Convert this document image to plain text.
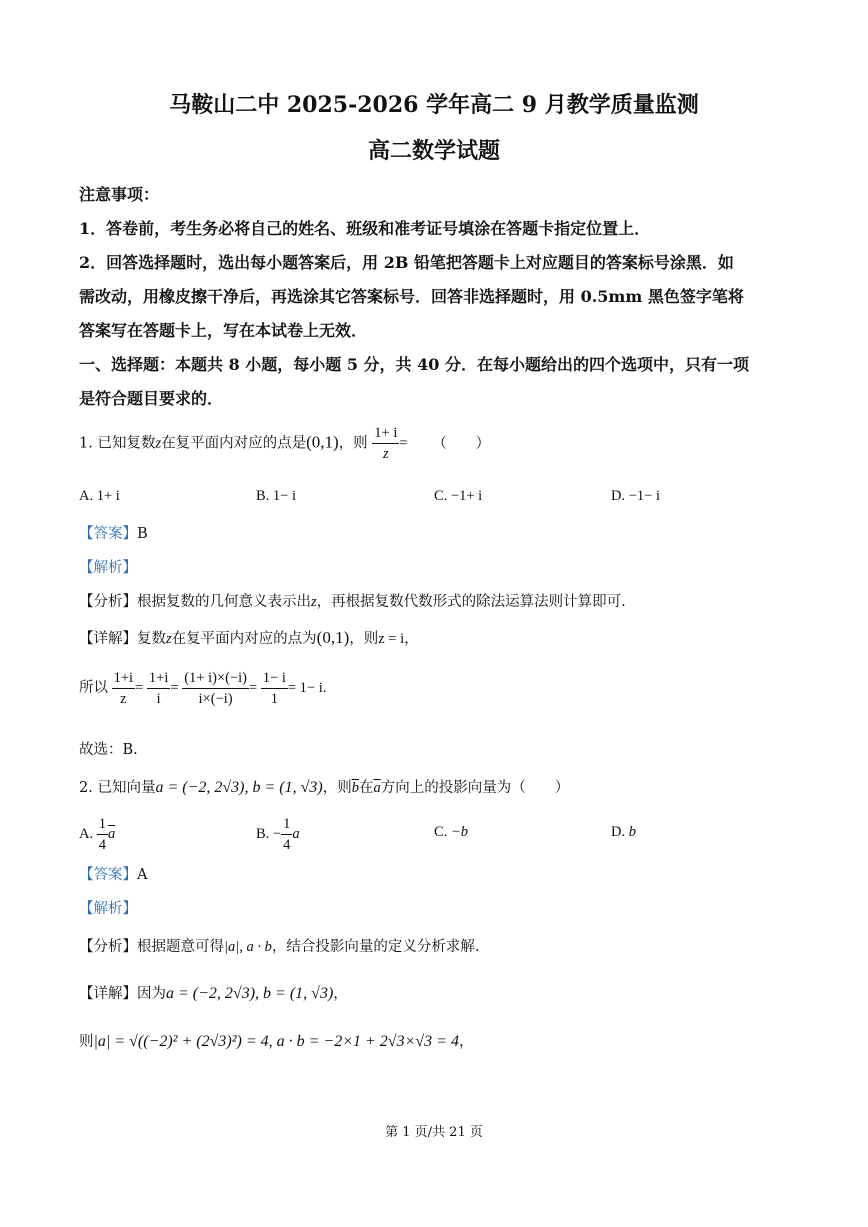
马鞍山二中 2025-2026 学年高二 9 月教学质量监测
高二数学试题
注意事项：
1．答卷前，考生务必将自己的姓名、班级和准考证号填涂在答题卡指定位置上．
2．回答选择题时，选出每小题答案后，用 2B 铅笔把答题卡上对应题目的答案标号涂黑．如
需改动，用橡皮擦干净后，再选涂其它答案标号．回答非选择题时，用 0.5mm 黑色签字笔将
答案写在答题卡上，写在本试卷上无效．
一、选择题：本题共 8 小题，每小题 5 分，共 40 分．在每小题给出的四个选项中，只有一项
是符合题目要求的．
1. 已知复数z在复平面内对应的点是(0,1)，则 $\frac{1+ i}{z}$ = （　　）
A. 1+ i	B. 1− i	C. −1+ i	D. −1− i
【答案】B
【解析】
【分析】根据复数的几何意义表示出z，再根据复数代数形式的除法运算法则计算即可.
【详解】复数z在复平面内对应的点为(0,1)，则z = i，
所以 $\frac{1+i}{z} = \frac{1+i}{i} = \frac{(1+ i)\times(-i)}{i\times(-i)} = \frac{1- i}{1} = 1- i$.
故选：B.
2. 已知向量a = (−2, 2√3), b = (1, √3)，则$\overline{b}$在$\overline{a}$方向上的投影向量为（　　）
A. $\frac{1}{4} \overline{a}$	B. − $\frac{1}{4}$ a	C. −b	D. b
【答案】A
【解析】
【分析】根据题意可得|a|, a · b，结合投影向量的定义分析求解.
【详解】因为a = (−2, 2√3), b = (1, √3)，
则|a| = √((−2)² + (2√3)²) = 4, a · b = −2×1 + 2√3×√3 = 4，
第 1 页/共 21 页
